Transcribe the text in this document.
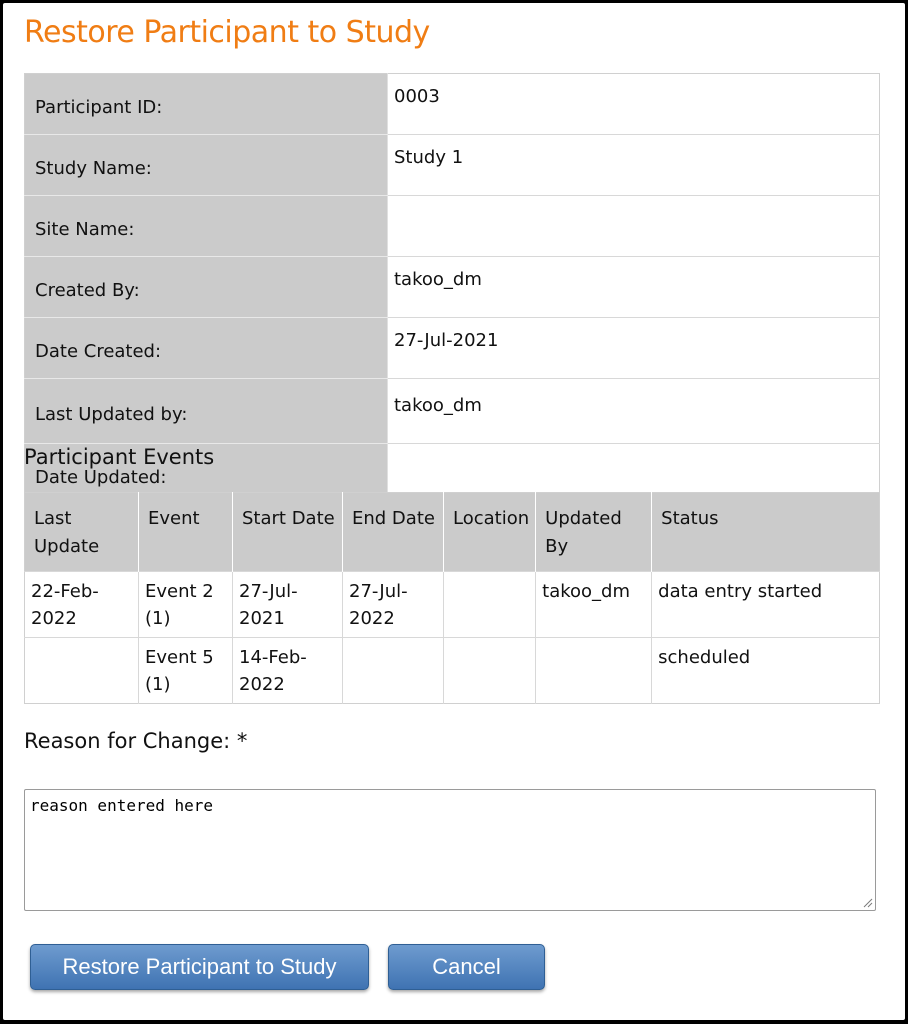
Restore Participant to Study
Participant ID:	0003
Study Name:	Study 1
Site Name:	
Created By:	takoo_dm
Date Created:	27-Jul-2021
Last Updated by:	takoo_dm
Date Updated:	
Participant Events
Last Update	Event	Start Date	End Date	Location	Updated By	Status
22-Feb-2022	Event 2 (1)	27-Jul-2021	27-Jul-2022		takoo_dm	data entry started
	Event 5 (1)	14-Feb-2022				scheduled
Reason for Change: *
reason entered here
Restore Participant to Study	Cancel
